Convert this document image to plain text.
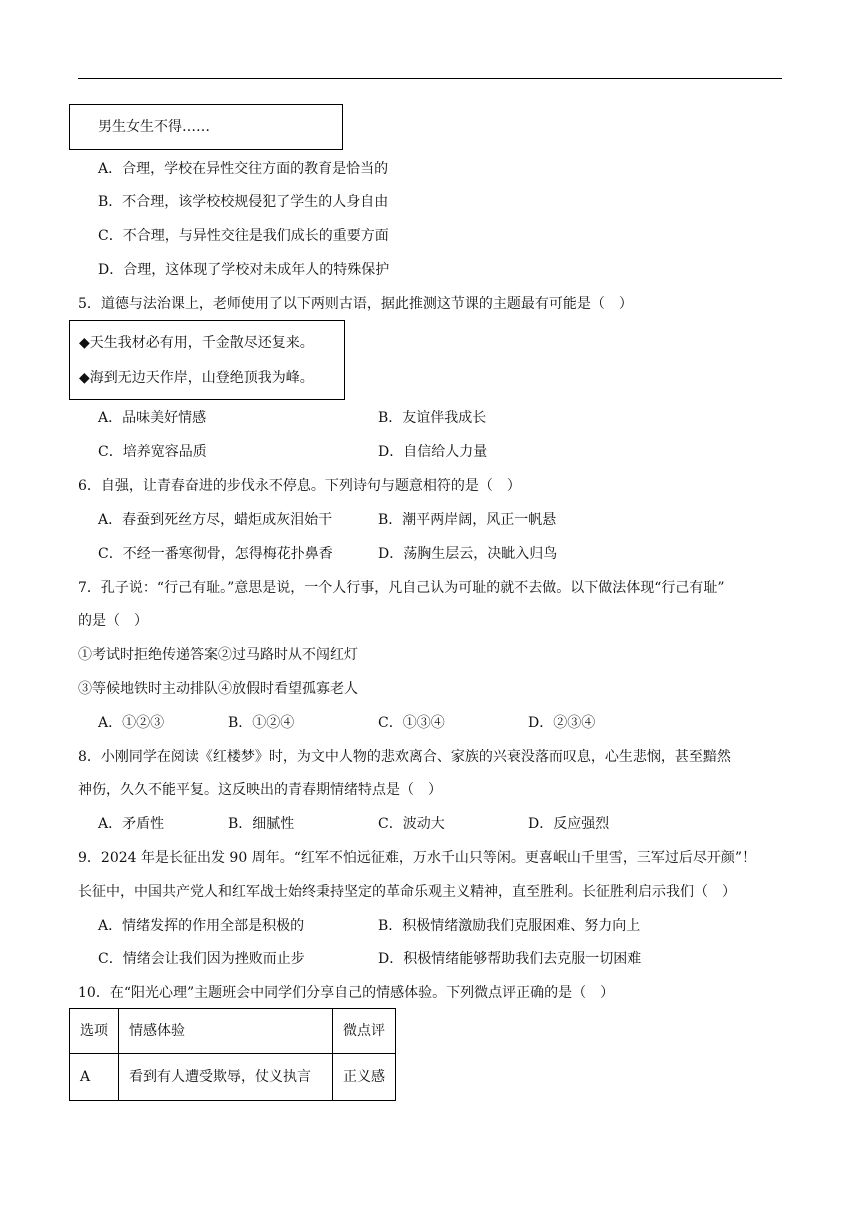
男生女生不得……
A．合理，学校在异性交往方面的教育是恰当的
B．不合理，该学校校规侵犯了学生的人身自由
C．不合理，与异性交往是我们成长的重要方面
D．合理，这体现了学校对未成年人的特殊保护
5．道德与法治课上，老师使用了以下两则古语，据此推测这节课的主题最有可能是（　）
◆天生我材必有用，千金散尽还复来。
◆海到无边天作岸，山登绝顶我为峰。
A．品味美好情感	B．友谊伴我成长
C．培养宽容品质	D．自信给人力量
6．自强，让青春奋进的步伐永不停息。下列诗句与题意相符的是（　）
A．春蚕到死丝方尽，蜡炬成灰泪始干	B．潮平两岸阔，风正一帆悬
C．不经一番寒彻骨，怎得梅花扑鼻香	D．荡胸生层云，决眦入归鸟
7．孔子说：“行己有耻。”意思是说，一个人行事，凡自己认为可耻的就不去做。以下做法体现“行己有耻”
的是（　）
①考试时拒绝传递答案②过马路时从不闯红灯
③等候地铁时主动排队④放假时看望孤寡老人
A．①②③	B．①②④	C．①③④	D．②③④
8．小刚同学在阅读《红楼梦》时，为文中人物的悲欢离合、家族的兴衰没落而叹息，心生悲悯，甚至黯然
神伤，久久不能平复。这反映出的青春期情绪特点是（　）
A．矛盾性	B．细腻性	C．波动大	D．反应强烈
9．2024 年是长征出发 90 周年。“红军不怕远征难，万水千山只等闲。更喜岷山千里雪，三军过后尽开颜”！
长征中，中国共产党人和红军战士始终秉持坚定的革命乐观主义精神，直至胜利。长征胜利启示我们（　）
A．情绪发挥的作用全部是积极的	B．积极情绪激励我们克服困难、努力向上
C．情绪会让我们因为挫败而止步	D．积极情绪能够帮助我们去克服一切困难
10．在“阳光心理”主题班会中同学们分享自己的情感体验。下列微点评正确的是（　）
选项	情感体验	微点评
A	看到有人遭受欺辱，仗义执言	正义感
